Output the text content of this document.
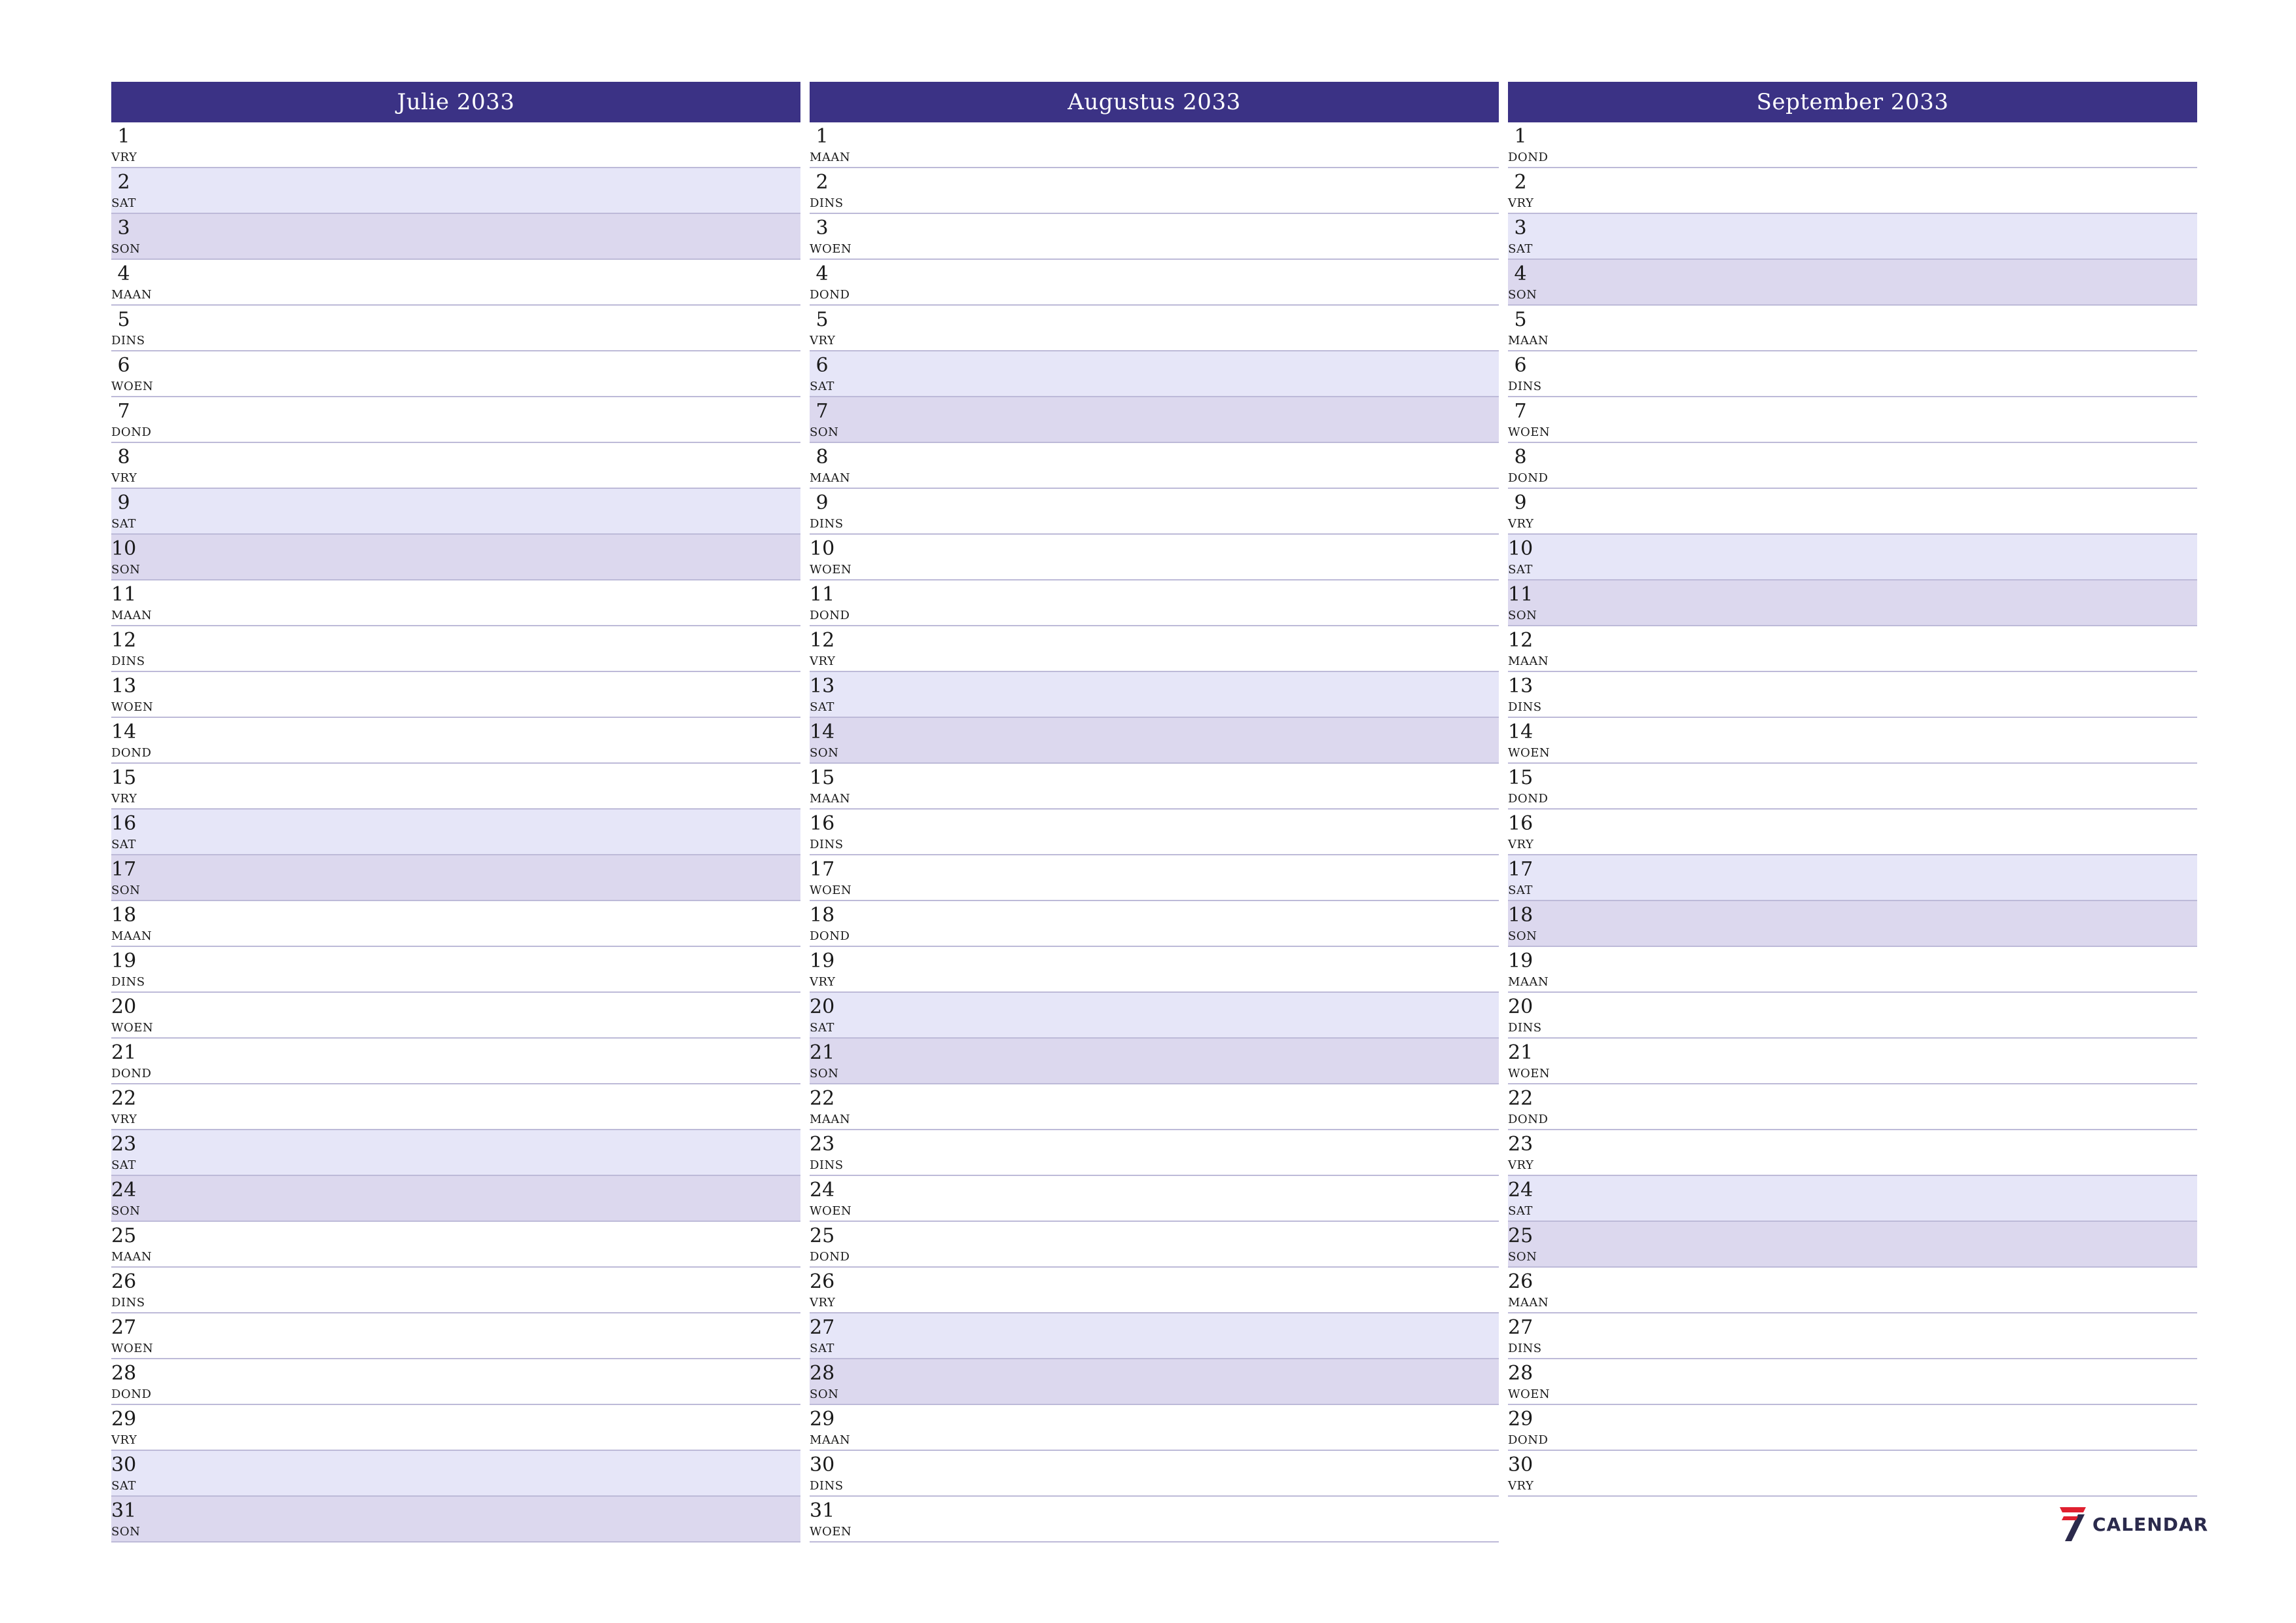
Julie 2033
1
VRY
2
SAT
3
SON
4
MAAN
5
DINS
6
WOEN
7
DOND
8
VRY
9
SAT
10
SON
11
MAAN
12
DINS
13
WOEN
14
DOND
15
VRY
16
SAT
17
SON
18
MAAN
19
DINS
20
WOEN
21
DOND
22
VRY
23
SAT
24
SON
25
MAAN
26
DINS
27
WOEN
28
DOND
29
VRY
30
SAT
31
SON
Augustus 2033
1
MAAN
2
DINS
3
WOEN
4
DOND
5
VRY
6
SAT
7
SON
8
MAAN
9
DINS
10
WOEN
11
DOND
12
VRY
13
SAT
14
SON
15
MAAN
16
DINS
17
WOEN
18
DOND
19
VRY
20
SAT
21
SON
22
MAAN
23
DINS
24
WOEN
25
DOND
26
VRY
27
SAT
28
SON
29
MAAN
30
DINS
31
WOEN
September 2033
1
DOND
2
VRY
3
SAT
4
SON
5
MAAN
6
DINS
7
WOEN
8
DOND
9
VRY
10
SAT
11
SON
12
MAAN
13
DINS
14
WOEN
15
DOND
16
VRY
17
SAT
18
SON
19
MAAN
20
DINS
21
WOEN
22
DOND
23
VRY
24
SAT
25
SON
26
MAAN
27
DINS
28
WOEN
29
DOND
30
VRY
CALENDAR
